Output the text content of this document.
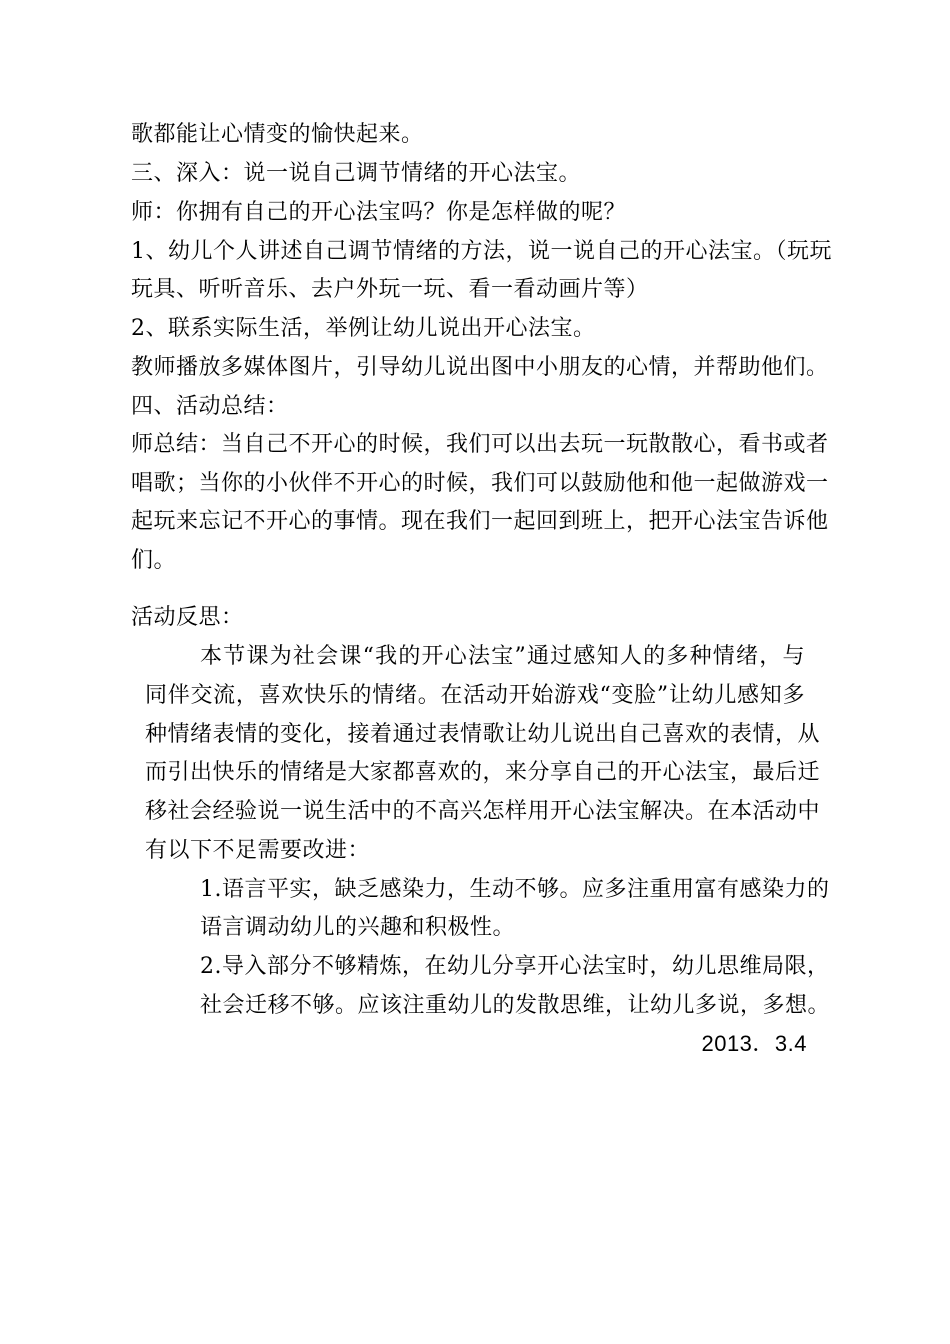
歌都能让心情变的愉快起来。
三、深入：说一说自己调节情绪的开心法宝。
师：你拥有自己的开心法宝吗？你是怎样做的呢？
1、幼儿个人讲述自己调节情绪的方法，说一说自己的开心法宝。（玩玩
玩具、听听音乐、去户外玩一玩、看一看动画片等）
2、联系实际生活，举例让幼儿说出开心法宝。
教师播放多媒体图片，引导幼儿说出图中小朋友的心情，并帮助他们。
四、活动总结：
师总结：当自己不开心的时候，我们可以出去玩一玩散散心，看书或者
唱歌；当你的小伙伴不开心的时候，我们可以鼓励他和他一起做游戏一
起玩来忘记不开心的事情。现在我们一起回到班上，把开心法宝告诉他
们。
活动反思：
本节课为社会课“我的开心法宝”通过感知人的多种情绪，与
同伴交流，喜欢快乐的情绪。在活动开始游戏“变脸”让幼儿感知多
种情绪表情的变化，接着通过表情歌让幼儿说出自己喜欢的表情，从
而引出快乐的情绪是大家都喜欢的，来分享自己的开心法宝，最后迁
移社会经验说一说生活中的不高兴怎样用开心法宝解决。在本活动中
有以下不足需要改进：
1.语言平实，缺乏感染力，生动不够。应多注重用富有感染力的
语言调动幼儿的兴趣和积极性。
2.导入部分不够精炼，在幼儿分享开心法宝时，幼儿思维局限，
社会迁移不够。应该注重幼儿的发散思维，让幼儿多说，多想。
2013．3.4
